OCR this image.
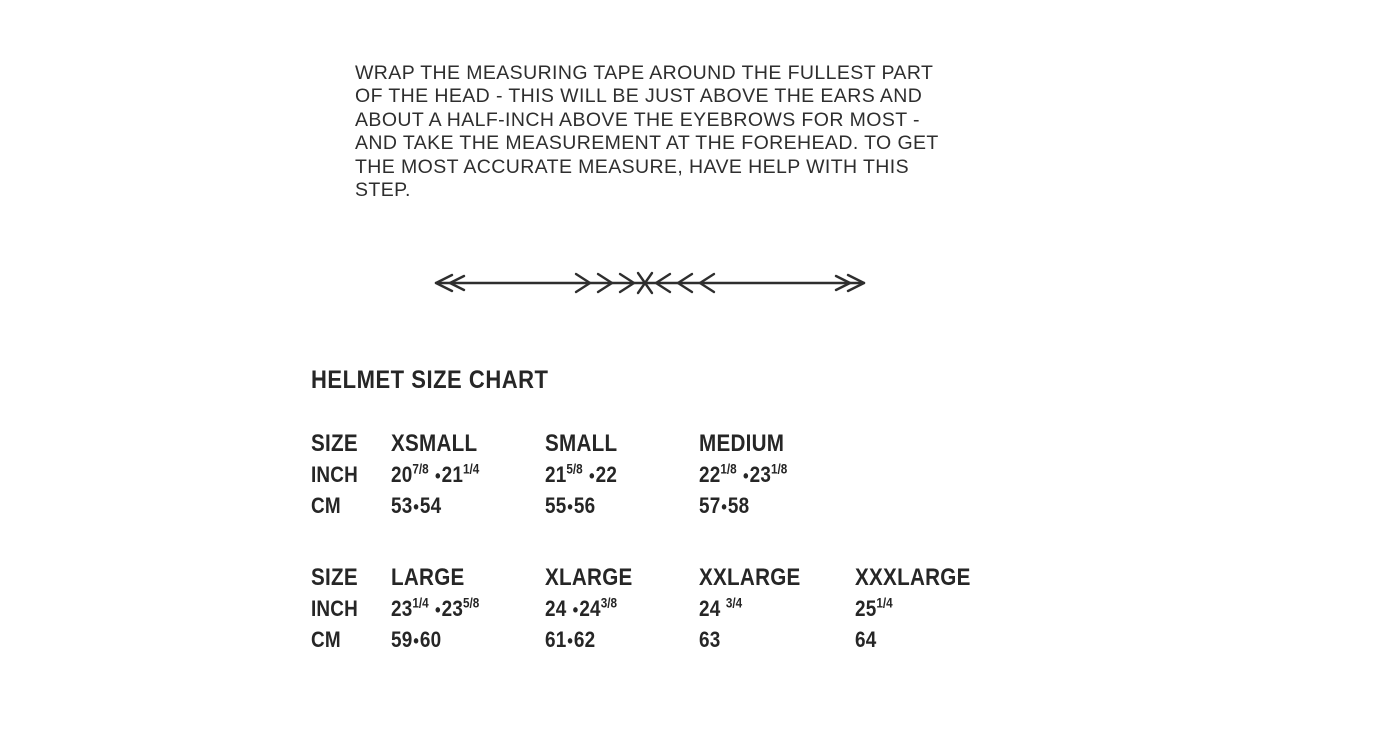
WRAP THE MEASURING TAPE AROUND THE FULLEST PART OF THE HEAD - THIS WILL BE JUST ABOVE THE EARS AND ABOUT A HALF-INCH ABOVE THE EYEBROWS FOR MOST - AND TAKE THE MEASUREMENT AT THE FOREHEAD. TO GET THE MOST ACCURATE MEASURE, HAVE HELP WITH THIS STEP.
HELMET SIZE CHART
SIZE	XSMALL	SMALL	MEDIUM	
INCH	$20^{7/8}$ $•21^{1/4}$	$21^{5/8}$ •22	$22^{1/8}$ $•23^{1/8}$	
CM	53•54	55•56	57•58	
SIZE	LARGE	XLARGE	XXLARGE	XXXLARGE
INCH	$23^{1/4}$ $•23^{5/8}$	24 $•24^{3/8}$	24 $^{3/4}$	$25^{1/4}$
CM	59•60	61•62	63	64
